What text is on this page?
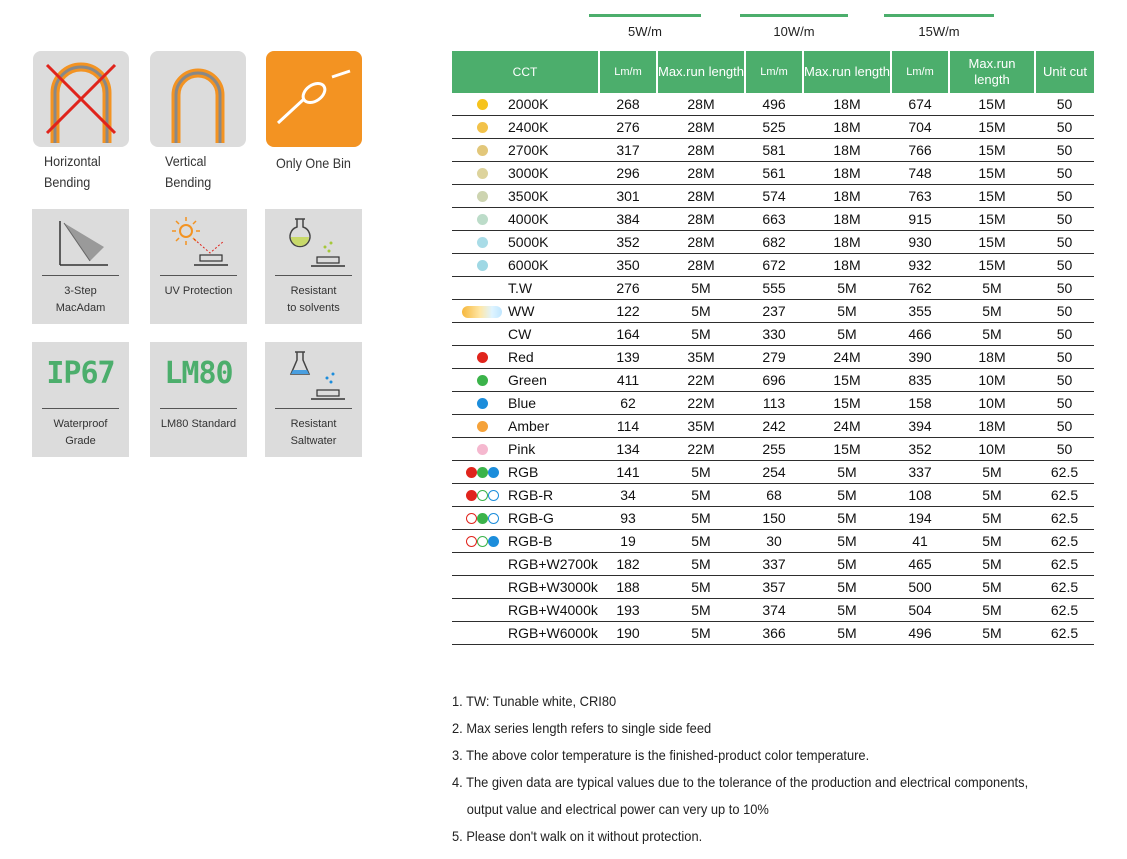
Horizontal
Bending
Vertical
Bending
Only One Bin
3-Step
MacAdam
UV Protection	Resistant
to solvents
IP67
Waterproof
Grade
LM80
LM80 Standard	Resistant
Saltwater
5W/m	10W/m	15W/m
CCT	Lm/m	Max.run length	Lm/m	Max.run length	Lm/m	Max.run length	Unit cut
2000K	268	28M	496	18M	674	15M	50
2400K	276	28M	525	18M	704	15M	50
2700K	317	28M	581	18M	766	15M	50
3000K	296	28M	561	18M	748	15M	50
3500K	301	28M	574	18M	763	15M	50
4000K	384	28M	663	18M	915	15M	50
5000K	352	28M	682	18M	930	15M	50
6000K	350	28M	672	18M	932	15M	50
T.W	276	5M	555	5M	762	5M	50
WW	122	5M	237	5M	355	5M	50
CW	164	5M	330	5M	466	5M	50
Red	139	35M	279	24M	390	18M	50
Green	411	22M	696	15M	835	10M	50
Blue	62	22M	113	15M	158	10M	50
Amber	114	35M	242	24M	394	18M	50
Pink	134	22M	255	15M	352	10M	50
RGB	141	5M	254	5M	337	5M	62.5
RGB-R	34	5M	68	5M	108	5M	62.5
RGB-G	93	5M	150	5M	194	5M	62.5
RGB-B	19	5M	30	5M	41	5M	62.5
RGB+W2700k	182	5M	337	5M	465	5M	62.5
RGB+W3000k	188	5M	357	5M	500	5M	62.5
RGB+W4000k	193	5M	374	5M	504	5M	62.5
RGB+W6000k	190	5M	366	5M	496	5M	62.5
1. TW: Tunable white, CRI80
2. Max series length refers to single side feed
3. The above color temperature is the finished-product color temperature.
4. The given data are typical values due to the tolerance of the production and electrical components,
output value and electrical power can very up to 10%
5. Please don't walk on it without protection.
